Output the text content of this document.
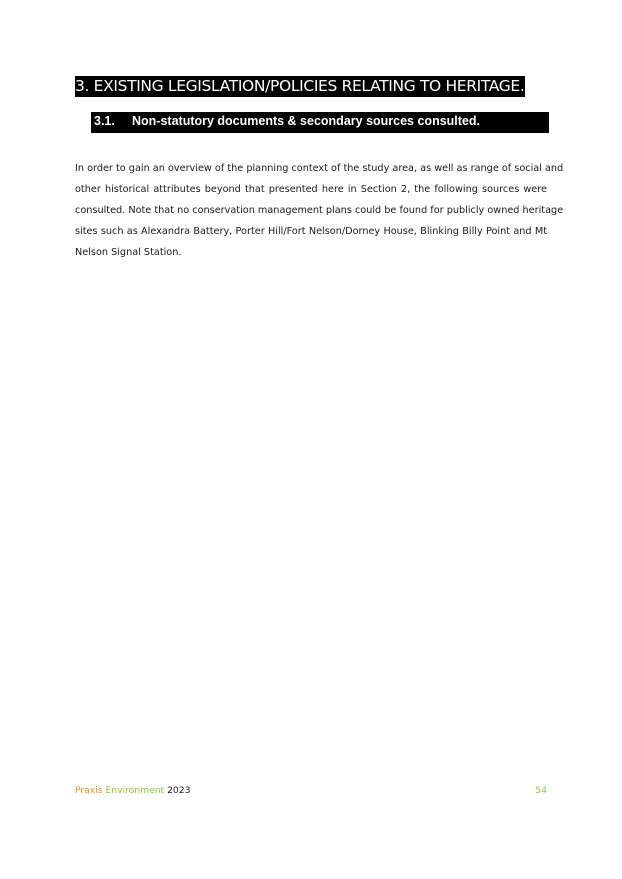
3. EXISTING LEGISLATION/POLICIES RELATING TO HERITAGE.
3.1. Non-statutory documents & secondary sources consulted.
In order to gain an overview of the planning context of the study area, as well as range of social and
other historical attributes beyond that presented here in Section 2, the following sources were
consulted. Note that no conservation management plans could be found for publicly owned heritage
sites such as Alexandra Battery, Porter Hill/Fort Nelson/Dorney House, Blinking Billy Point and Mt
Nelson Signal Station.
Praxis Environment 2023	54
